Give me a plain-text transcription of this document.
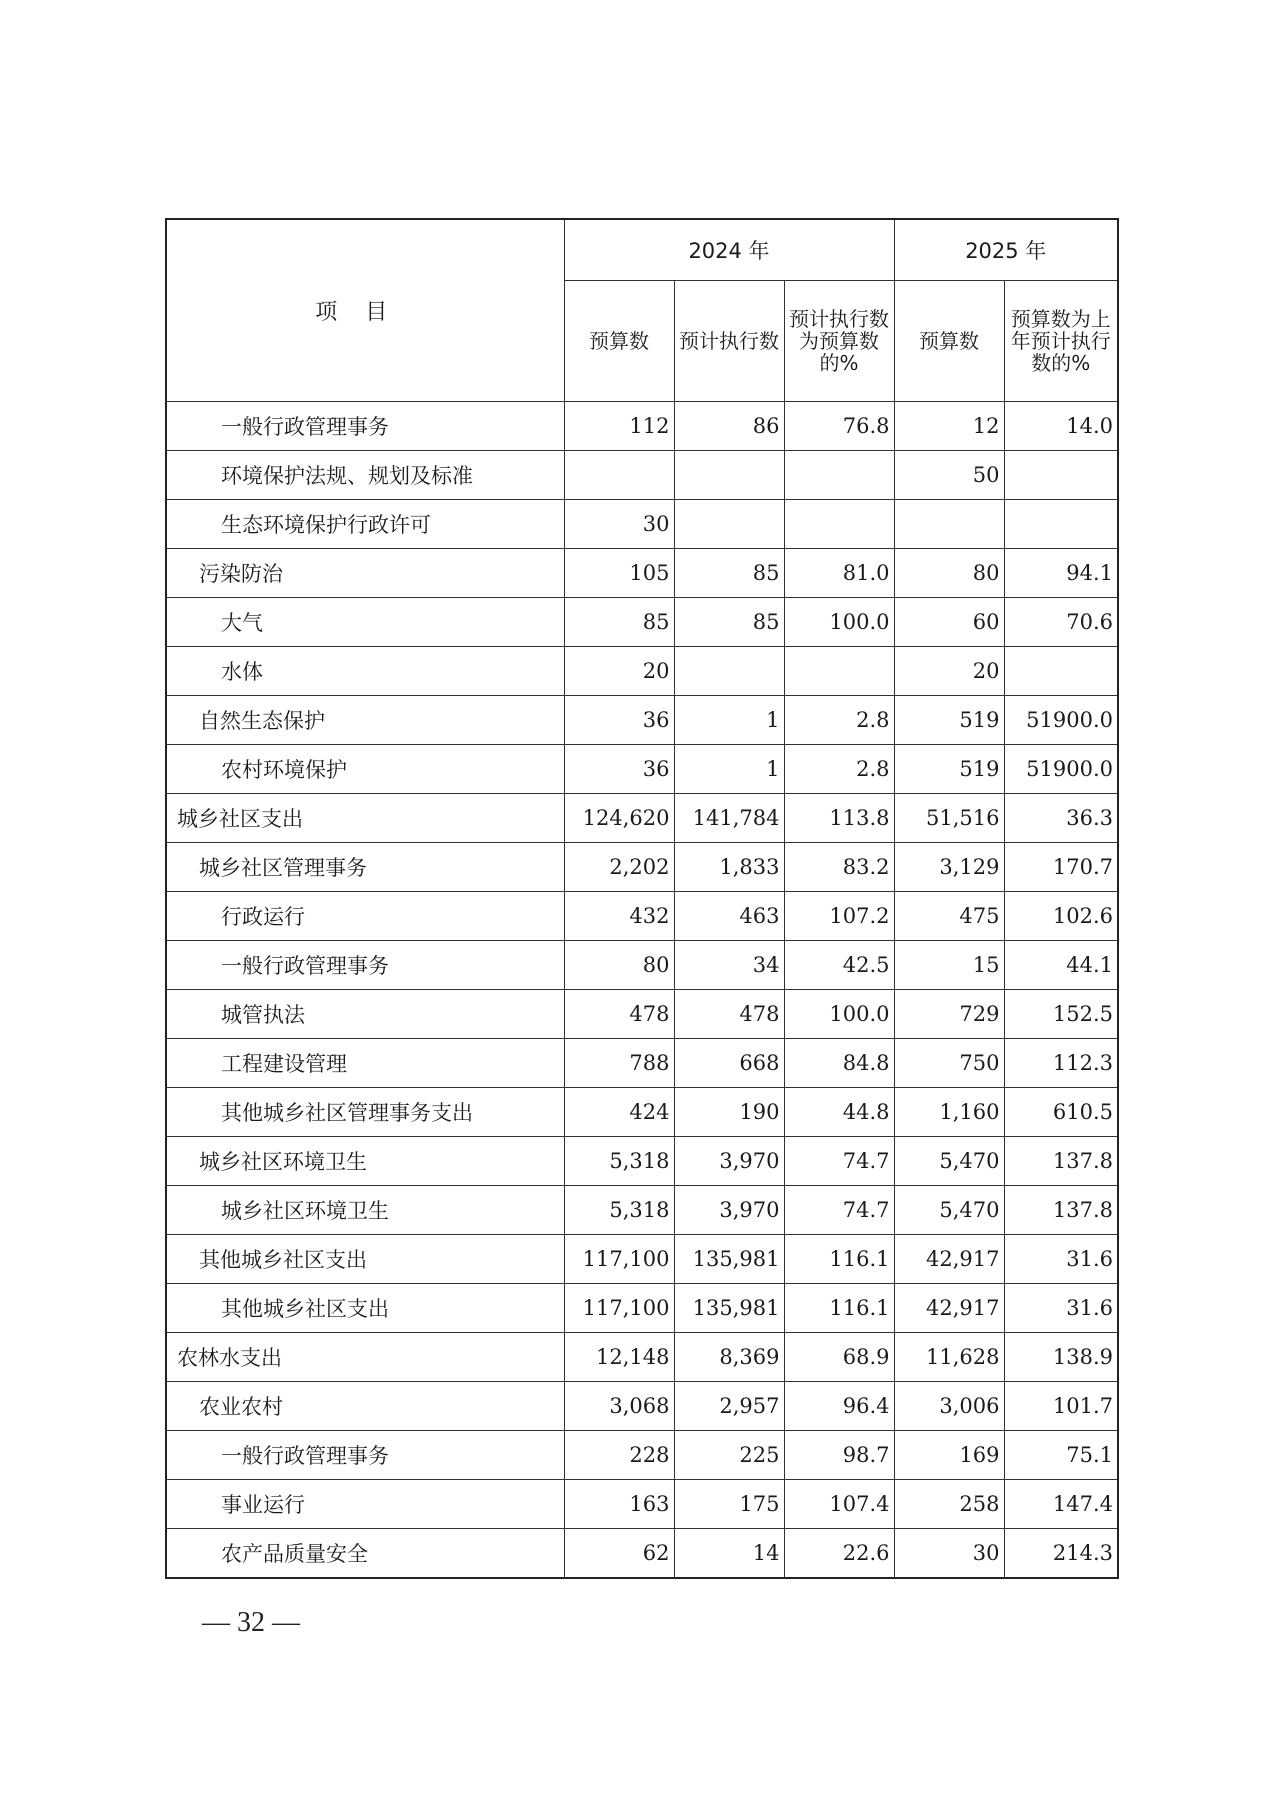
项目	2024 年			2025 年	
	预算数	预计执行数	预计执行数为预算数的%	预算数	预算数为上年预计执行数的%
一般行政管理事务	112	86	76.8	12	14.0
环境保护法规、规划及标准				50	
生态环境保护行政许可	30				
污染防治	105	85	81.0	80	94.1
大气	85	85	100.0	60	70.6
水体	20			20	
自然生态保护	36	1	2.8	519	51900.0
农村环境保护	36	1	2.8	519	51900.0
城乡社区支出	124,620	141,784	113.8	51,516	36.3
城乡社区管理事务	2,202	1,833	83.2	3,129	170.7
行政运行	432	463	107.2	475	102.6
一般行政管理事务	80	34	42.5	15	44.1
城管执法	478	478	100.0	729	152.5
工程建设管理	788	668	84.8	750	112.3
其他城乡社区管理事务支出	424	190	44.8	1,160	610.5
城乡社区环境卫生	5,318	3,970	74.7	5,470	137.8
城乡社区环境卫生	5,318	3,970	74.7	5,470	137.8
其他城乡社区支出	117,100	135,981	116.1	42,917	31.6
其他城乡社区支出	117,100	135,981	116.1	42,917	31.6
农林水支出	12,148	8,369	68.9	11,628	138.9
农业农村	3,068	2,957	96.4	3,006	101.7
一般行政管理事务	228	225	98.7	169	75.1
事业运行	163	175	107.4	258	147.4
农产品质量安全	62	14	22.6	30	214.3
— 32 —
